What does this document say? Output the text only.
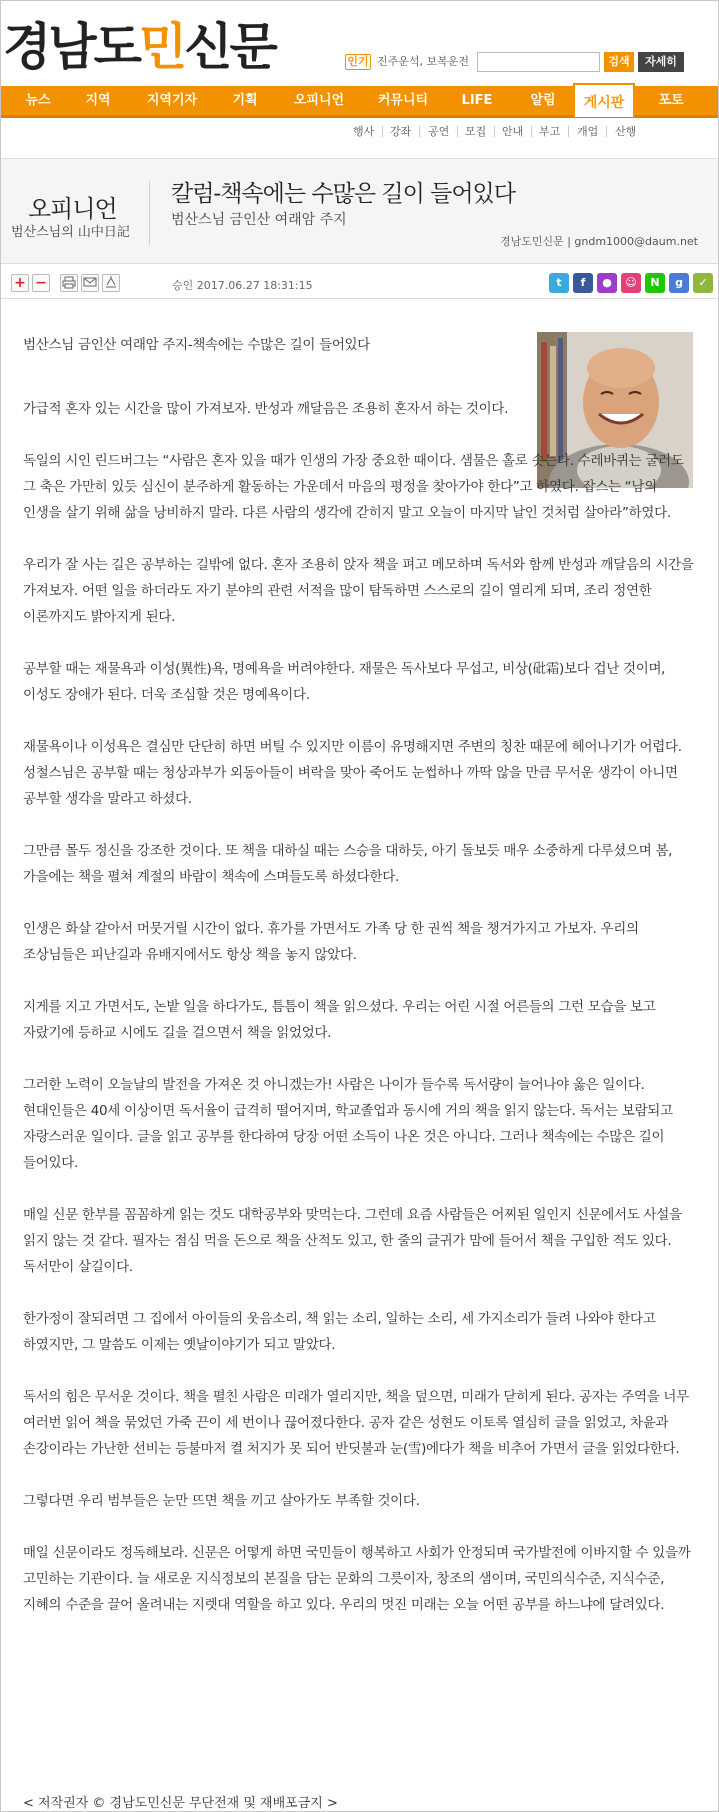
경남도민신문	인기 진주운석, 보복운전	검색	자세히
뉴스	지역	지역기자	기획	오피니언	커뮤니티	LIFE	알림	게시판	포토
행사 강좌 공연 모집 안내 부고 개업 산행
오피니언
범산스님의 山中日記
칼럼-책속에는 수많은 길이 들어있다
범산스님 금인산 여래암 주지
경남도민신문 | gndm1000@daum.net
+ −	승인 2017.06.27 18:31:15	t	f	●	☺	N	g	✓

범산스님 금인산 여래암 주지-책속에는 수많은 길이 들어있다

가급적 혼자 있는 시간을 많이 가져보자. 반성과 깨달음은 조용히 혼자서 하는 것이다.

독일의 시인 린드버그는 “사람은 혼자 있을 때가 인생의 가장 중요한 때이다. 샘물은 홀로 솟는다. 수레바퀴는 굴러도 그 축은 가만히 있듯 심신이 분주하게 활동하는 가운데서 마음의 평정을 찾아가야 한다”고 하였다. 잡스는 “남의 인생을 살기 위해 삶을 낭비하지 말라. 다른 사람의 생각에 갇히지 말고 오늘이 마지막 날인 것처럼 살아라”하였다.

우리가 잘 사는 길은 공부하는 길밖에 없다. 혼자 조용히 앉자 책을 펴고 메모하며 독서와 함께 반성과 깨달음의 시간을 가져보자. 어떤 일을 하더라도 자기 분야의 관련 서적을 많이 탐독하면 스스로의 길이 열리게 되며, 조리 정연한 이론까지도 밝아지게 된다.

공부할 때는 재물욕과 이성(異性)욕, 명예욕을 버려야한다. 재물은 독사보다 무섭고, 비상(砒霜)보다 겁난 것이며, 이성도 장애가 된다. 더욱 조심할 것은 명예욕이다.

재물욕이나 이성욕은 결심만 단단히 하면 버틸 수 있지만 이름이 유명해지면 주변의 칭찬 때문에 헤어나기가 어렵다. 성철스님은 공부할 때는 청상과부가 외동아들이 벼락을 맞아 죽어도 눈썹하나 까딱 않을 만큼 무서운 생각이 아니면 공부할 생각을 말라고 하셨다.

그만큼 몰두 정신을 강조한 것이다. 또 책을 대하실 때는 스승을 대하듯, 아기 돌보듯 매우 소중하게 다루셨으며 봄, 가을에는 책을 펼쳐 계절의 바람이 책속에 스며들도록 하셨다한다.

인생은 화살 같아서 머뭇거릴 시간이 없다. 휴가를 가면서도 가족 당 한 권씩 책을 챙겨가지고 가보자. 우리의 조상님들은 피난길과 유배지에서도 항상 책을 놓지 않았다.

지게를 지고 가면서도, 논밭 일을 하다가도, 틈틈이 책을 읽으셨다. 우리는 어린 시절 어른들의 그런 모습을 보고 자랐기에 등하교 시에도 길을 걸으면서 책을 읽었었다.

그러한 노력이 오늘날의 발전을 가져온 것 아니겠는가! 사람은 나이가 들수록 독서량이 늘어나야 옳은 일이다. 현대인들은 40세 이상이면 독서율이 급격히 떨어지며, 학교졸업과 동시에 거의 책을 읽지 않는다. 독서는 보람되고 자랑스러운 일이다. 글을 읽고 공부를 한다하여 당장 어떤 소득이 나온 것은 아니다. 그러나 책속에는 수많은 길이 들어있다.

매일 신문 한부를 꼼꼼하게 읽는 것도 대학공부와 맞먹는다. 그런데 요즘 사람들은 어찌된 일인지 신문에서도 사설을 읽지 않는 것 같다. 필자는 점심 먹을 돈으로 책을 산적도 있고, 한 줄의 글귀가 맘에 들어서 책을 구입한 적도 있다. 독서만이 살길이다.

한가정이 잘되려면 그 집에서 아이들의 웃음소리, 책 읽는 소리, 일하는 소리, 세 가지소리가 들려 나와야 한다고 하였지만, 그 말씀도 이제는 옛날이야기가 되고 말았다.

독서의 힘은 무서운 것이다. 책을 펼친 사람은 미래가 열리지만, 책을 덮으면, 미래가 닫히게 된다. 공자는 주역을 너무 여러번 읽어 책을 묶었던 가죽 끈이 세 번이나 끊어졌다한다. 공자 같은 성현도 이토록 열심히 글을 읽었고, 차윤과 손강이라는 가난한 선비는 등불마저 켤 처지가 못 되어 반딧불과 눈(雪)에다가 책을 비추어 가면서 글을 읽었다한다.

그렇다면 우리 범부들은 눈만 뜨면 책을 끼고 살아가도 부족할 것이다.

매일 신문이라도 정독해보라. 신문은 어떻게 하면 국민들이 행복하고 사회가 안정되며 국가발전에 이바지할 수 있을까 고민하는 기관이다. 늘 새로운 지식정보의 본질을 담는 문화의 그릇이자, 창조의 샘이며, 국민의식수준, 지식수준, 지혜의 수준을 끌어 올려내는 지렛대 역할을 하고 있다. 우리의 멋진 미래는 오늘 어떤 공부를 하느냐에 달려있다.

< 저작권자 © 경남도민신문 무단전재 및 재배포금지 >
